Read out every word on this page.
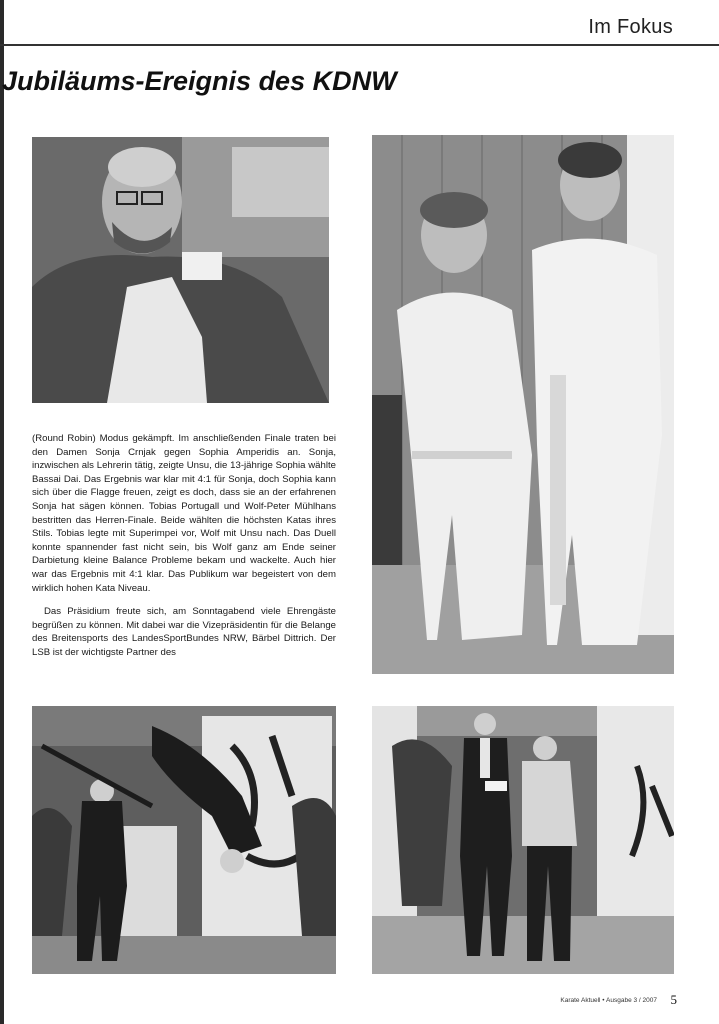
Im Fokus
Jubiläums-Ereignis des KDNW

(Round Robin) Modus gekämpft. Im anschließenden Finale traten bei den Damen Sonja Crnjak gegen Sophia Amperidis an. Sonja, inzwischen als Lehrerin tätig, zeigte Unsu, die 13-jährige Sophia wählte Bassai Dai. Das Ergebnis war klar mit 4:1 für Sonja, doch Sophia kann sich über die Flagge freuen, zeigt es doch, dass sie an der erfahrenen Sonja hat sägen können. Tobias Portugall und Wolf-Peter Mühlhans bestritten das Herren-Finale. Beide wählten die höchsten Katas ihres Stils. Tobias legte mit Superimpei vor, Wolf mit Unsu nach. Das Duell konnte spannender fast nicht sein, bis Wolf ganz am Ende seiner Darbietung kleine Balance Probleme bekam und wackelte. Auch hier war das Ergebnis mit 4:1 klar. Das Publikum war begeistert von dem wirklich hohen Kata Niveau.

Das Präsidium freute sich, am Sonntagabend viele Ehrengäste begrüßen zu können. Mit dabei war die Vizepräsidentin für die Belange des Breitensports des LandesSportBundes NRW, Bärbel Dittrich. Der LSB ist der wichtigste Partner des

Karate Aktuell • Ausgabe 3 / 2007 5
